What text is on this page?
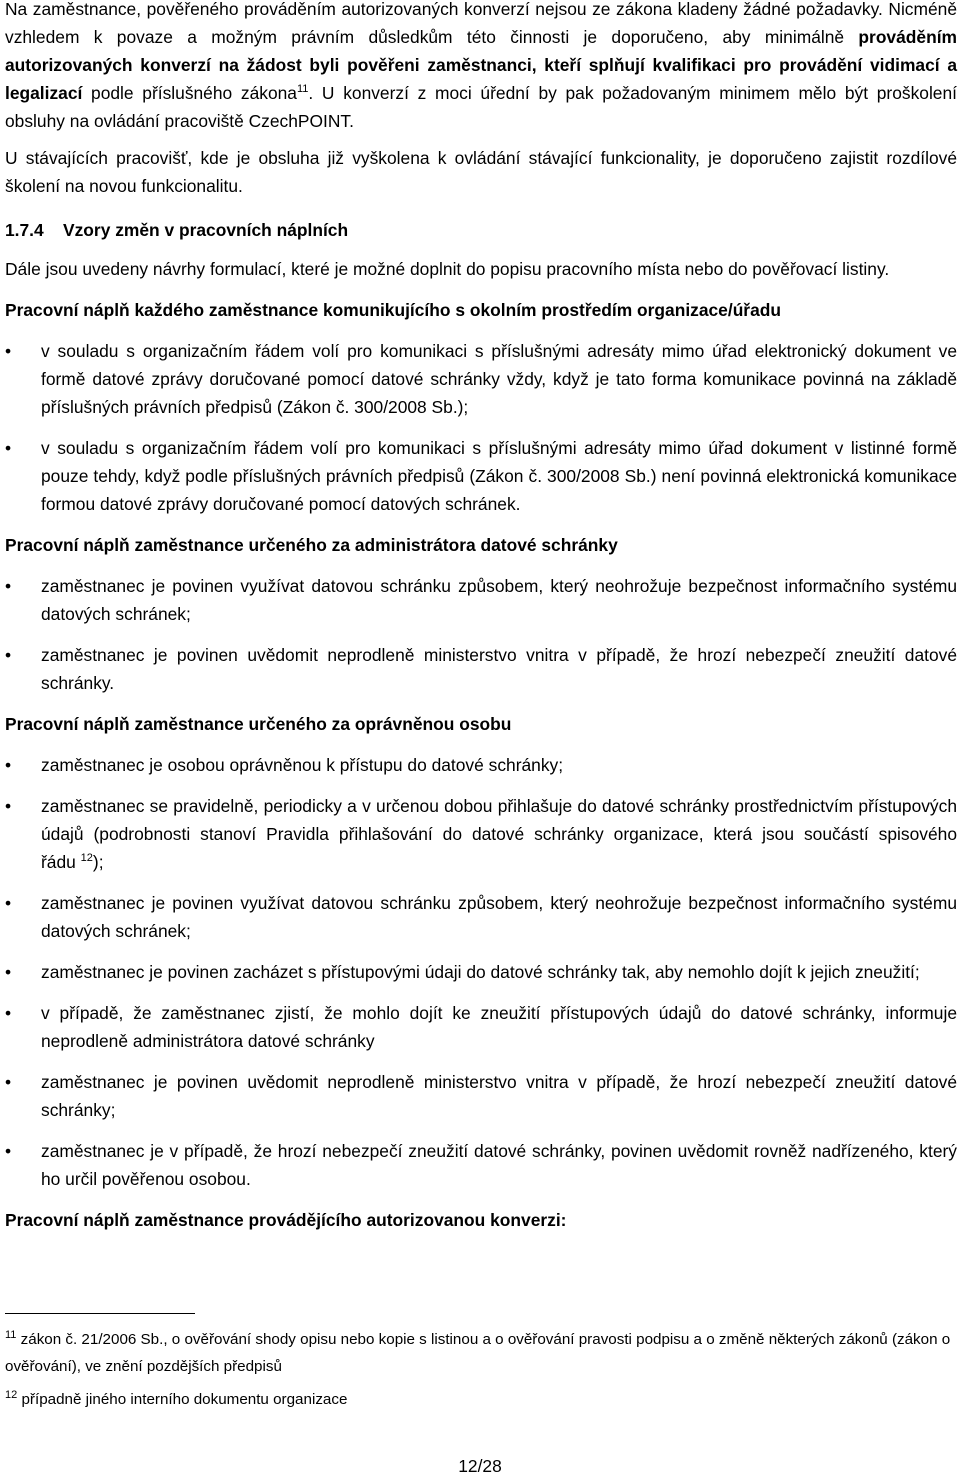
Na zaměstnance, pověřeného prováděním autorizovaných konverzí nejsou ze zákona kladeny žádné požadavky. Nicméně vzhledem k povaze a možným právním důsledkům této činnosti je doporučeno, aby minimálně prováděním autorizovaných konverzí na žádost byli pověřeni zaměstnanci, kteří splňují kvalifikaci pro provádění vidimací a legalizací podle příslušného zákona$^{11}$. U konverzí z moci úřední by pak požadovaným minimem mělo být proškolení obsluhy na ovládání pracoviště CzechPOINT.

U stávajících pracovišť, kde je obsluha již vyškolena k ovládání stávající funkcionality, je doporučeno zajistit rozdílové školení na novou funkcionalitu.

1.7.4 Vzory změn v pracovních náplních

Dále jsou uvedeny návrhy formulací, které je možné doplnit do popisu pracovního místa nebo do pověřovací listiny.

Pracovní náplň každého zaměstnance komunikujícího s okolním prostředím organizace/úřadu

• v souladu s organizačním řádem volí pro komunikaci s příslušnými adresáty mimo úřad elektronický dokument ve formě datové zprávy doručované pomocí datové schránky vždy, když je tato forma komunikace povinná na základě příslušných právních předpisů (Zákon č. 300/2008 Sb.);
• v souladu s organizačním řádem volí pro komunikaci s příslušnými adresáty mimo úřad dokument v listinné formě pouze tehdy, když podle příslušných právních předpisů (Zákon č. 300/2008 Sb.) není povinná elektronická komunikace formou datové zprávy doručované pomocí datových schránek.

Pracovní náplň zaměstnance určeného za administrátora datové schránky

• zaměstnanec je povinen využívat datovou schránku způsobem, který neohrožuje bezpečnost informačního systému datových schránek;
• zaměstnanec je povinen uvědomit neprodleně ministerstvo vnitra v případě, že hrozí nebezpečí zneužití datové schránky.

Pracovní náplň zaměstnance určeného za oprávněnou osobu

• zaměstnanec je osobou oprávněnou k přístupu do datové schránky;
• zaměstnanec se pravidelně, periodicky a v určenou dobou přihlašuje do datové schránky prostřednictvím přístupových údajů (podrobnosti stanoví Pravidla přihlašování do datové schránky organizace, která jsou součástí spisového řádu $^{12}$);
• zaměstnanec je povinen využívat datovou schránku způsobem, který neohrožuje bezpečnost informačního systému datových schránek;
• zaměstnanec je povinen zacházet s přístupovými údaji do datové schránky tak, aby nemohlo dojít k jejich zneužití;
• v případě, že zaměstnanec zjistí, že mohlo dojít ke zneužití přístupových údajů do datové schránky, informuje neprodleně administrátora datové schránky
• zaměstnanec je povinen uvědomit neprodleně ministerstvo vnitra v případě, že hrozí nebezpečí zneužití datové schránky;
• zaměstnanec je v případě, že hrozí nebezpečí zneužití datové schránky, povinen uvědomit rovněž nadřízeného, který ho určil pověřenou osobou.

Pracovní náplň zaměstnance provádějícího autorizovanou konverzi:

$^{11}$ zákon č. 21/2006 Sb., o ověřování shody opisu nebo kopie s listinou a o ověřování pravosti podpisu a o změně některých zákonů (zákon o ověřování), ve znění pozdějších předpisů

$^{12}$ případně jiného interního dokumentu organizace

12/28
